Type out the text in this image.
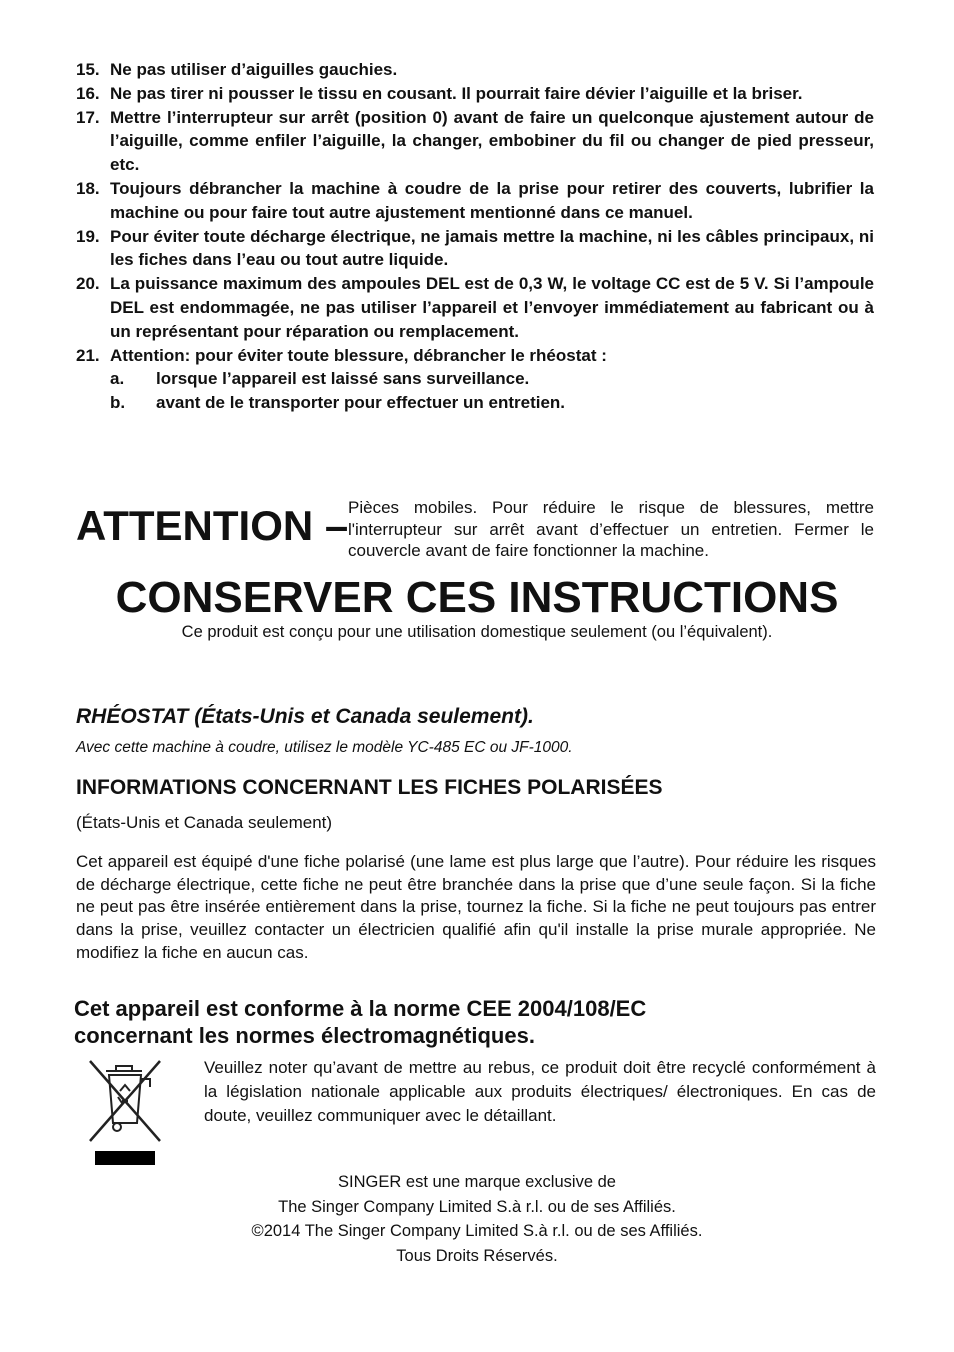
15. Ne pas utiliser d’aiguilles gauchies.
16. Ne pas tirer ni pousser le tissu en cousant. Il pourrait faire dévier l’aiguille et la briser.
17. Mettre l’interrupteur sur arrêt (position 0) avant de faire un quelconque ajustement autour de l’aiguille, comme enfiler l’aiguille, la changer, embobiner du fil ou changer de pied presseur, etc.
18. Toujours débrancher la machine à coudre de la prise pour retirer des couverts, lubrifier la machine ou pour faire tout autre ajustement mentionné dans ce manuel.
19. Pour éviter toute décharge électrique, ne jamais mettre la machine, ni les câbles principaux, ni les fiches dans l’eau ou tout autre liquide.
20. La puissance maximum des ampoules DEL est de 0,3 W, le voltage CC est de 5 V. Si l’ampoule DEL est endommagée, ne pas utiliser l’appareil et l’envoyer immédiatement au fabricant ou à un représentant pour réparation ou remplacement.
21. Attention: pour éviter toute blessure, débrancher le rhéostat :
a. lorsque l’appareil est laissé sans surveillance.
b. avant de le transporter pour effectuer un entretien.
ATTENTION – Pièces mobiles. Pour réduire le risque de blessures, mettre l'interrupteur sur arrêt avant d’effectuer un entretien. Fermer le couvercle avant de faire fonctionner la machine.
CONSERVER CES INSTRUCTIONS
Ce produit est conçu pour une utilisation domestique seulement (ou l’équivalent).
RHÉOSTAT (États-Unis et Canada seulement).
Avec cette machine à coudre, utilisez le modèle YC-485 EC ou JF-1000.
INFORMATIONS CONCERNANT LES FICHES POLARISÉES
(États-Unis et Canada seulement)
Cet appareil est équipé d'une fiche polarisé (une lame est plus large que l’autre). Pour réduire les risques de décharge électrique, cette fiche ne peut être branchée dans la prise que d’une seule façon. Si la fiche ne peut pas être insérée entièrement dans la prise, tournez la fiche. Si la fiche ne peut toujours pas entrer dans la prise, veuillez contacter un électricien qualifié afin qu'il installe la prise murale appropriée. Ne modifiez la fiche en aucun cas.
Cet appareil est conforme à la norme CEE 2004/108/EC
concernant les normes électromagnétiques.
Veuillez noter qu’avant de mettre au rebus, ce produit doit être recyclé conformément à la législation nationale applicable aux produits électriques/ électroniques. En cas de doute, veuillez communiquer avec le détaillant.
SINGER est une marque exclusive de
The Singer Company Limited S.à r.l. ou de ses Affiliés.
©2014 The Singer Company Limited S.à r.l. ou de ses Affiliés.
Tous Droits Réservés.
